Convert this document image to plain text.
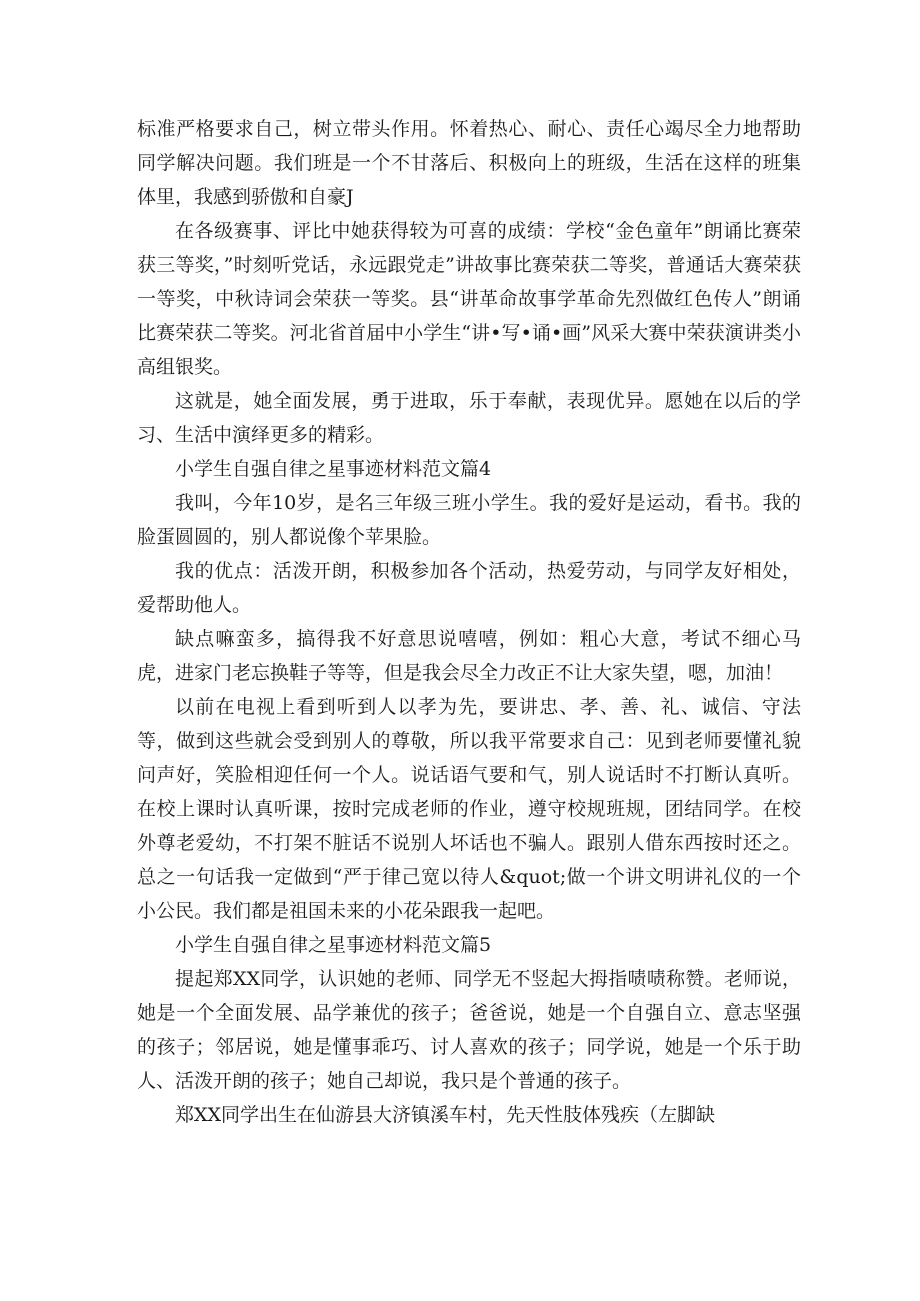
标准严格要求自己，树立带头作用。怀着热心、耐心、责任心竭尽全力地帮助同学解决问题。我们班是一个不甘落后、积极向上的班级，生活在这样的班集体里，我感到骄傲和自豪J

在各级赛事、评比中她获得较为可喜的成绩：学校“金色童年”朗诵比赛荣获三等奖，”时刻听党话，永远跟党走”讲故事比赛荣获二等奖，普通话大赛荣获一等奖，中秋诗词会荣获一等奖。县“讲革命故事学革命先烈做红色传人”朗诵比赛荣获二等奖。河北省首届中小学生“讲•写•诵•画”风采大赛中荣获演讲类小高组银奖。

这就是，她全面发展，勇于进取，乐于奉献，表现优异。愿她在以后的学习、生活中演绎更多的精彩。

小学生自强自律之星事迹材料范文篇4

我叫，今年10岁，是名三年级三班小学生。我的爱好是运动，看书。我的脸蛋圆圆的，别人都说像个苹果脸。

我的优点：活泼开朗，积极参加各个活动，热爱劳动，与同学友好相处，爱帮助他人。

缺点嘛蛮多，搞得我不好意思说嘻嘻，例如：粗心大意，考试不细心马虎，进家门老忘换鞋子等等，但是我会尽全力改正不让大家失望，嗯，加油！

以前在电视上看到听到人以孝为先，要讲忠、孝、善、礼、诚信、守法等，做到这些就会受到别人的尊敬，所以我平常要求自己：见到老师要懂礼貌问声好，笑脸相迎任何一个人。说话语气要和气，别人说话时不打断认真听。在校上课时认真听课，按时完成老师的作业，遵守校规班规，团结同学。在校外尊老爱幼，不打架不脏话不说别人坏话也不骗人。跟别人借东西按时还之。总之一句话我一定做到“严于律己宽以待人&quot;做一个讲文明讲礼仪的一个小公民。我们都是祖国未来的小花朵跟我一起吧。

小学生自强自律之星事迹材料范文篇5

提起郑XX同学，认识她的老师、同学无不竖起大拇指啧啧称赞。老师说，她是一个全面发展、品学兼优的孩子；爸爸说，她是一个自强自立、意志坚强的孩子；邻居说，她是懂事乖巧、讨人喜欢的孩子；同学说，她是一个乐于助人、活泼开朗的孩子；她自己却说，我只是个普通的孩子。

郑XX同学出生在仙游县大济镇溪车村，先天性肢体残疾（左脚缺
